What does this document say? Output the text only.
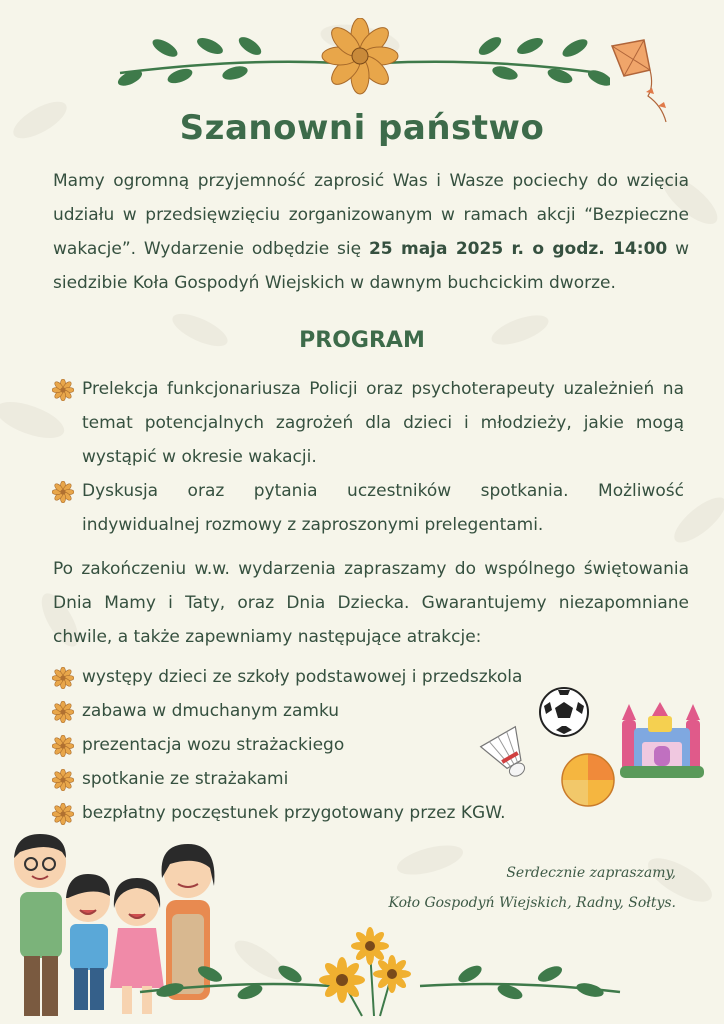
Szanowni państwo
Mamy ogromną przyjemność zaprosić Was i Wasze pociechy do wzięcia udziału w przedsięwzięciu zorganizowanym w ramach akcji “Bezpieczne wakacje”. Wydarzenie odbędzie się 25 maja 2025 r. o godz. 14:00 w siedzibie Koła Gospodyń Wiejskich w dawnym buchcickim dworze.
PROGRAM
Prelekcja funkcjonariusza Policji oraz psychoterapeuty uzależnień na temat potencjalnych zagrożeń dla dzieci i młodzieży, jakie mogą wystąpić w okresie wakacji.
Dyskusja oraz pytania uczestników spotkania. Możliwość indywidualnej rozmowy z zaproszonymi prelegentami.
Po zakończeniu w.w. wydarzenia zapraszamy do wspólnego świętowania Dnia Mamy i Taty, oraz Dnia Dziecka. Gwarantujemy niezapomniane chwile, a także zapewniamy następujące atrakcje:
występy dzieci ze szkoły podstawowej i przedszkola
zabawa w dmuchanym zamku
prezentacja wozu strażackiego
spotkanie ze strażakami
bezpłatny poczęstunek przygotowany przez KGW.
Serdecznie zapraszamy,
Koło Gospodyń Wiejskich, Radny, Sołtys.
